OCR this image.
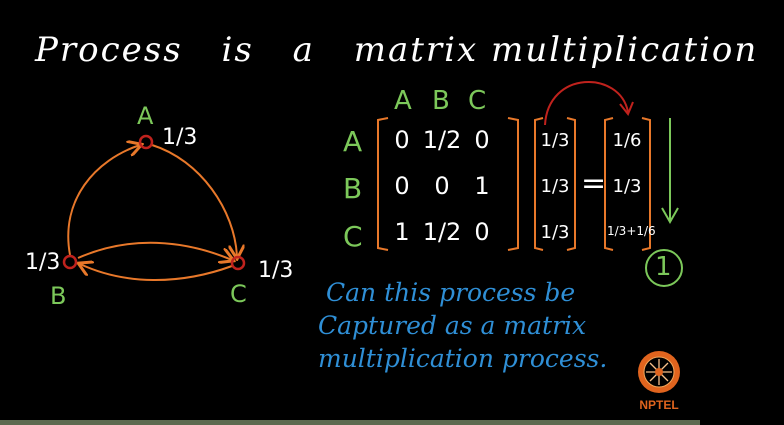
Process is a matrix multiplication
A
1/3
B
1/3
C
1/3
A B C
A
B
C
0 1/2 0
0	0	1
1 1/2 0
1/3
1/3
1/3
=
1/6
1/3
1/3+1/6
1
Can this process be
Captured as a matrix
multiplication process.
NPTEL
